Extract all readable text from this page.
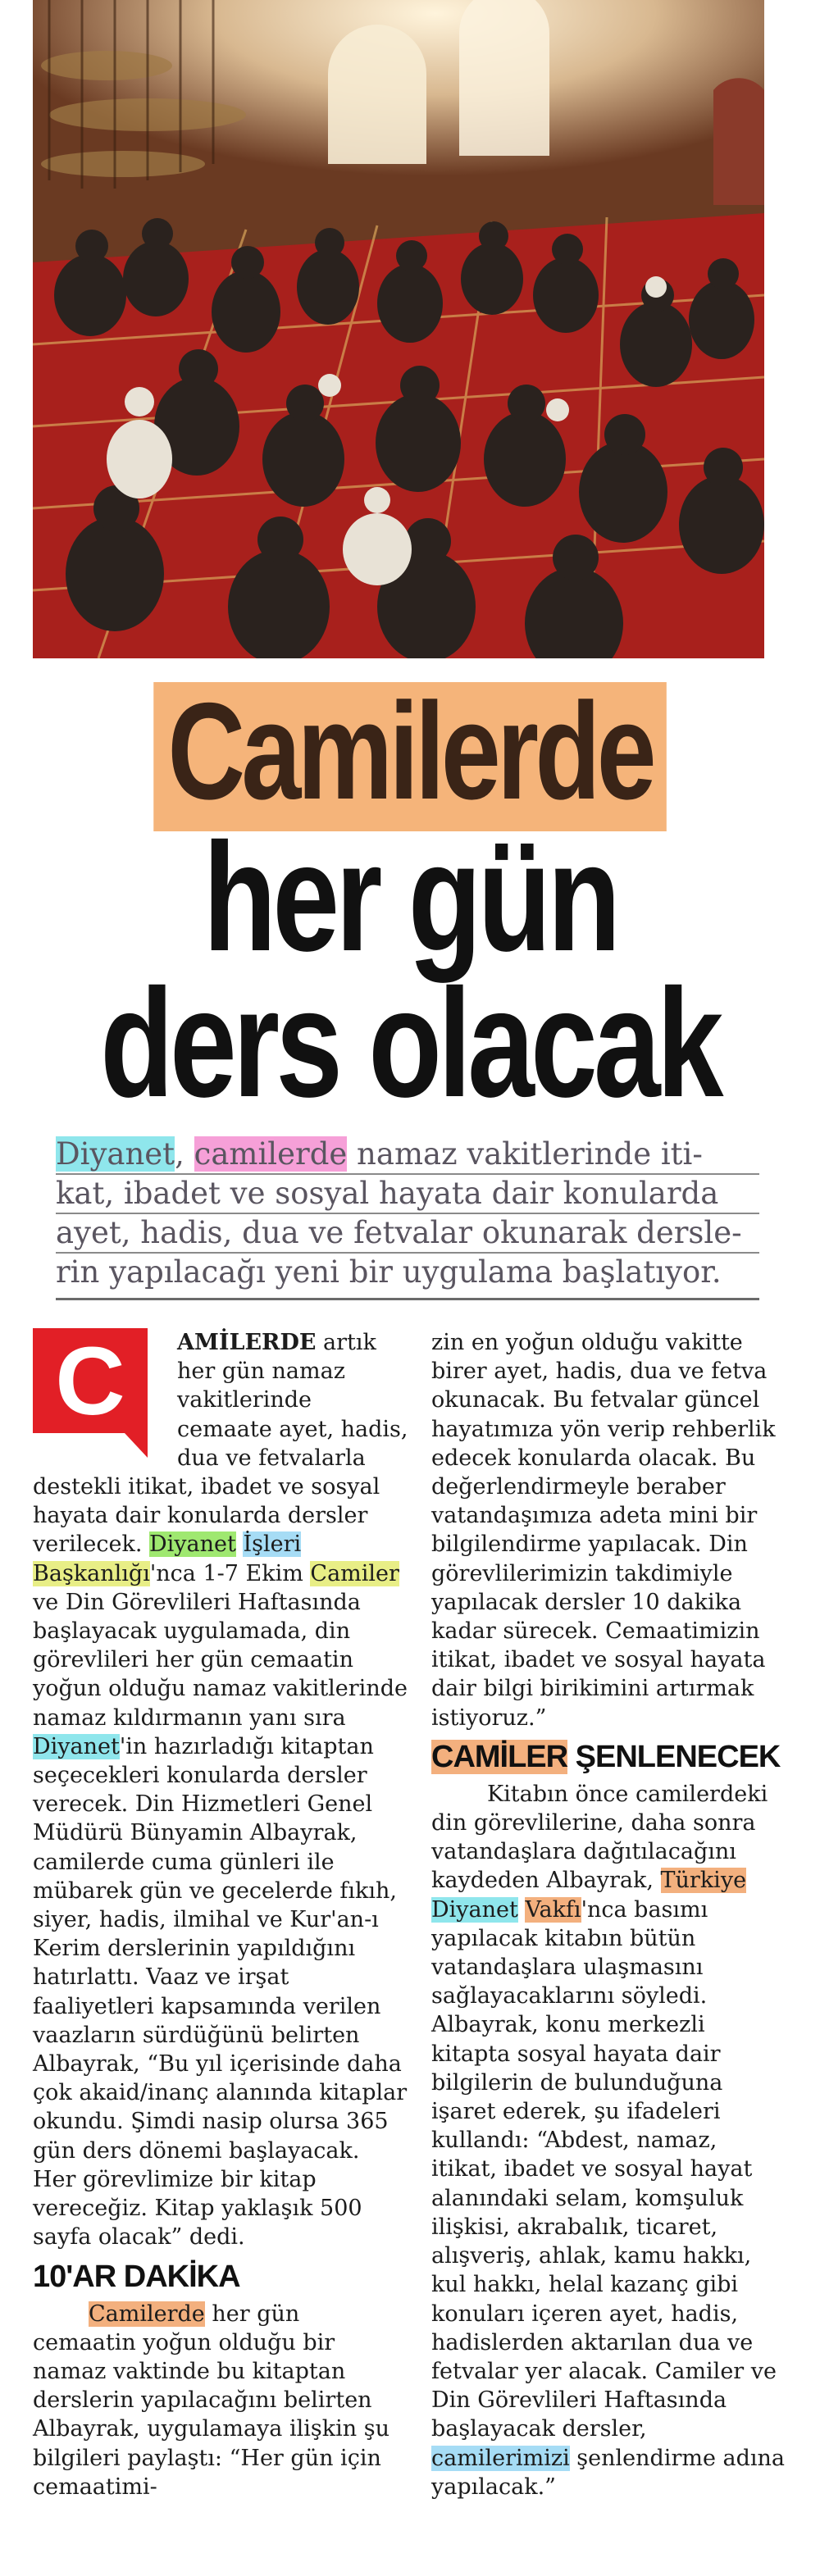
Camilerde
her gün
ders olacak
Diyanet, camilerde namaz vakitlerinde iti-
kat, ibadet ve sosyal hayata dair konularda
ayet, hadis, dua ve fetvalar okunarak dersle-
rin yapılacağı yeni bir uygulama başlatıyor.
C	AMİLERDE artık her gün namaz vakitlerinde cemaate ayet, hadis, dua ve fetvalarla destekli itikat, ibadet ve sosyal hayata dair konularda dersler verilecek. Diyanet İşleri Başkanlığı'nca 1-7 Ekim Camiler ve Din Görevlileri Haftasında başlayacak uygulamada, din görevlileri her gün cemaatin yoğun olduğu namaz vakitlerinde namaz kıldırmanın yanı sıra Diyanet'in hazırladığı kitaptan seçecekleri konularda dersler verecek. Din Hizmetleri Genel Müdürü Bünyamin Albayrak, camilerde cuma günleri ile mübarek gün ve gecelerde fıkıh, siyer, hadis, ilmihal ve Kur'an-ı Kerim derslerinin yapıldığını hatırlattı. Vaaz ve irşat faaliyetleri kapsamında verilen vaazların sürdüğünü belirten Albayrak, “Bu yıl içerisinde daha çok akaid/inanç alanında kitaplar okundu. Şimdi nasip olursa 365 gün ders dönemi başlayacak. Her görevlimize bir kitap vereceğiz. Kitap yaklaşık 500 sayfa olacak” dedi.

10'AR DAKİKA

Camilerde her gün cemaatin yoğun olduğu bir namaz vaktinde bu kitaptan derslerin yapılacağını belirten Albayrak, uygulamaya ilişkin şu bilgileri paylaştı: “Her gün için cemaatimi-

zin en yoğun olduğu vakitte birer ayet, hadis, dua ve fetva okunacak. Bu fetvalar güncel hayatımıza yön verip rehberlik edecek konularda olacak. Bu değerlendirmeyle beraber vatandaşımıza adeta mini bir bilgilendirme yapılacak. Din görevlilerimizin takdimiyle yapılacak dersler 10 dakika kadar sürecek. Cemaatimizin itikat, ibadet ve sosyal hayata dair bilgi birikimini artırmak istiyoruz.”

CAMİLER ŞENLENECEK

Kitabın önce camilerdeki din görevlilerine, daha sonra vatandaşlara dağıtılacağını kaydeden Albayrak, Türkiye Diyanet Vakfı'nca basımı yapılacak kitabın bütün vatandaşlara ulaşmasını sağlayacaklarını söyledi. Albayrak, konu merkezli kitapta sosyal hayata dair bilgilerin de bulunduğuna işaret ederek, şu ifadeleri kullandı: “Abdest, namaz, itikat, ibadet ve sosyal hayat alanındaki selam, komşuluk ilişkisi, akrabalık, ticaret, alışveriş, ahlak, kamu hakkı, kul hakkı, helal kazanç gibi konuları içeren ayet, hadis, hadislerden aktarılan dua ve fetvalar yer alacak. Camiler ve Din Görevlileri Haftasında başlayacak dersler, camilerimizi şenlendirme adına yapılacak.”
